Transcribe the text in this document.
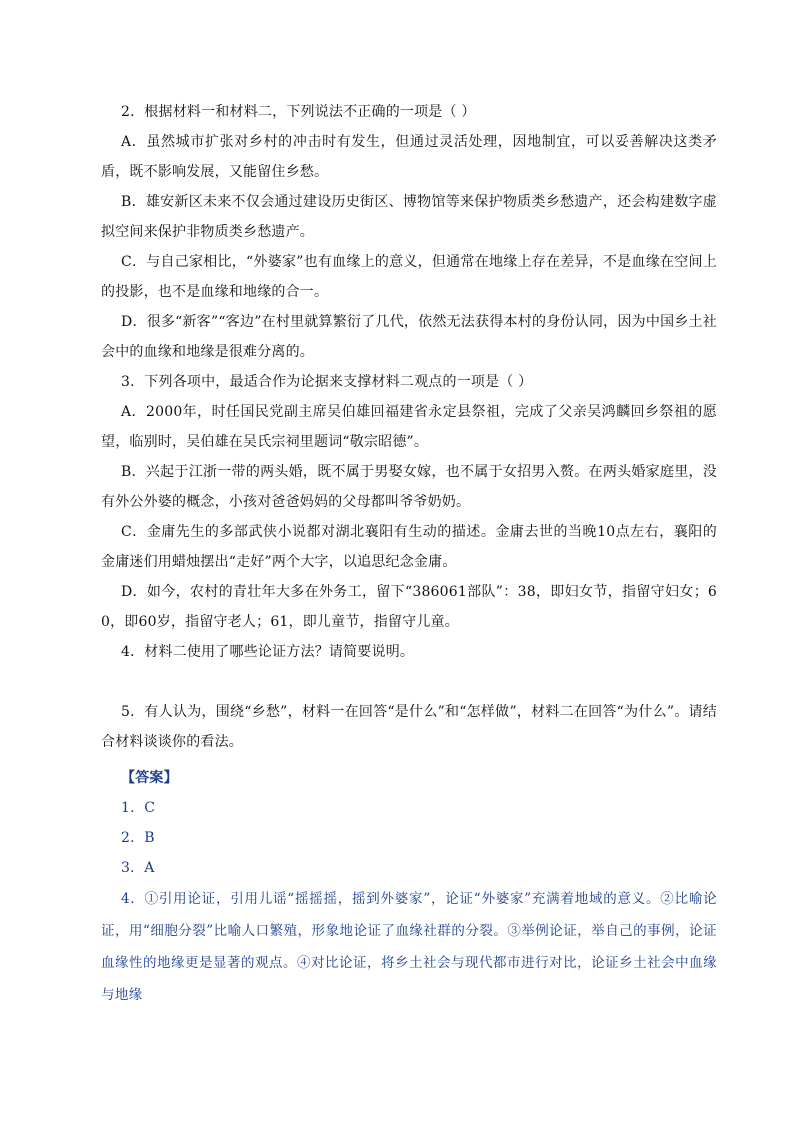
2．根据材料一和材料二，下列说法不正确的一项是（ ）

A．虽然城市扩张对乡村的冲击时有发生，但通过灵活处理，因地制宜，可以妥善解决这类矛盾，既不影响发展，又能留住乡愁。

B．雄安新区未来不仅会通过建设历史街区、博物馆等来保护物质类乡愁遗产，还会构建数字虚拟空间来保护非物质类乡愁遗产。

C．与自己家相比，“外婆家”也有血缘上的意义，但通常在地缘上存在差异，不是血缘在空间上的投影，也不是血缘和地缘的合一。

D．很多“新客”“客边”在村里就算繁衍了几代，依然无法获得本村的身份认同，因为中国乡土社会中的血缘和地缘是很难分离的。

3．下列各项中，最适合作为论据来支撑材料二观点的一项是（ ）

A．2000年，时任国民党副主席吴伯雄回福建省永定县祭祖，完成了父亲吴鸿麟回乡祭祖的愿望，临别时，吴伯雄在吴氏宗祠里题词“敬宗昭德”。

B．兴起于江浙一带的两头婚，既不属于男娶女嫁，也不属于女招男入赘。在两头婚家庭里，没有外公外婆的概念，小孩对爸爸妈妈的父母都叫爷爷奶奶。

C．金庸先生的多部武侠小说都对湖北襄阳有生动的描述。金庸去世的当晚10点左右，襄阳的金庸迷们用蜡烛摆出“走好”两个大字，以追思纪念金庸。

D．如今，农村的青壮年大多在外务工，留下“386061部队”：38，即妇女节，指留守妇女；60，即60岁，指留守老人；61，即儿童节，指留守儿童。

4．材料二使用了哪些论证方法？请简要说明。

5．有人认为，围绕“乡愁”，材料一在回答“是什么”和“怎样做”，材料二在回答“为什么”。请结合材料谈谈你的看法。

【答案】

1．C

2．B

3．A

4．①引用论证，引用儿谣“摇摇摇，摇到外婆家”，论证“外婆家”充满着地域的意义。②比喻论证，用“细胞分裂”比喻人口繁殖，形象地论证了血缘社群的分裂。③举例论证，举自己的事例，论证血缘性的地缘更是显著的观点。④对比论证，将乡土社会与现代都市进行对比，论证乡土社会中血缘与地缘
